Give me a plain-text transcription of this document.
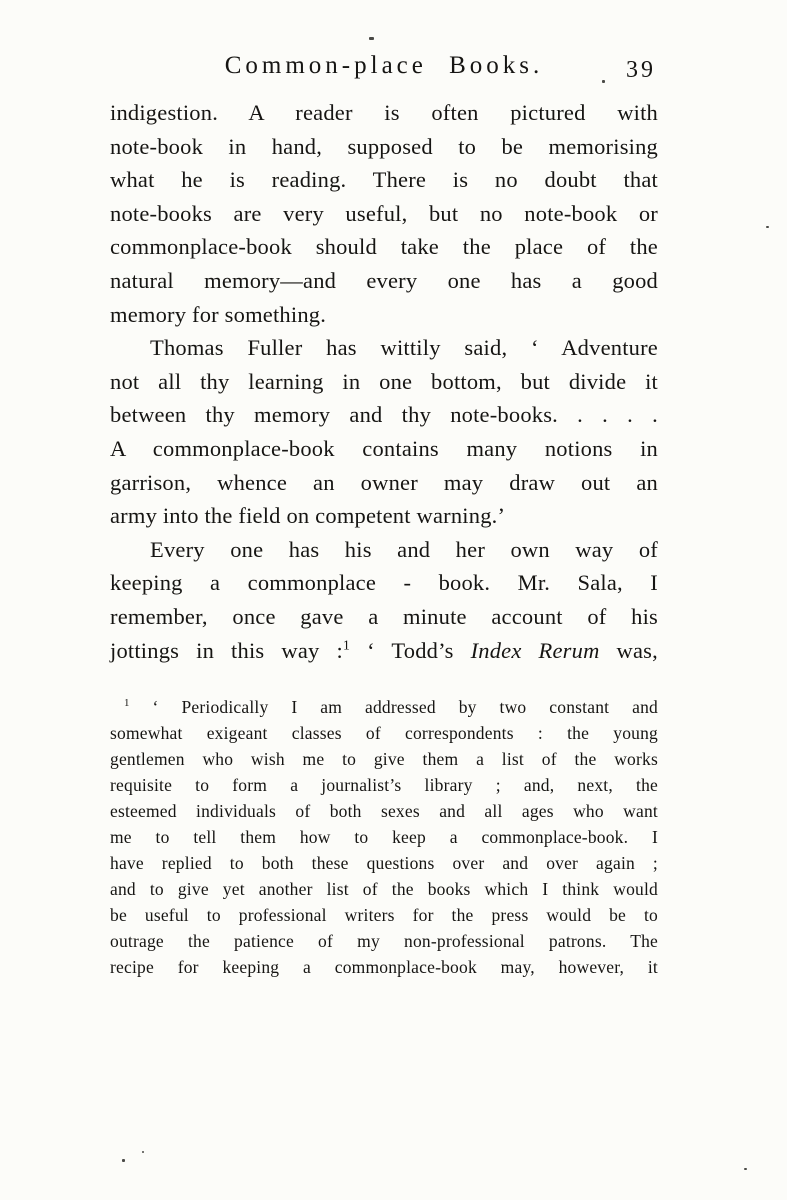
Common-place Books.	39
indigestion. A reader is often pictured with
note-book in hand, supposed to be memorising
what he is reading. There is no doubt that
note-books are very useful, but no note-book or
commonplace-book should take the place of the
natural memory—and every one has a good
memory for something.
Thomas Fuller has wittily said, ‘ Adventure
not all thy learning in one bottom, but divide it
between thy memory and thy note-books. . . . .
A commonplace-book contains many notions in
garrison, whence an owner may draw out an
army into the field on competent warning.’
Every one has his and her own way of
keeping a commonplace - book. Mr. Sala, I
remember, once gave a minute account of his
jottings in this way :$^1$ ‘ Todd’s Index Rerum was,
$^1$ ‘ Periodically I am addressed by two constant and
somewhat exigeant classes of correspondents : the young
gentlemen who wish me to give them a list of the works
requisite to form a journalist’s library ; and, next, the
esteemed individuals of both sexes and all ages who want
me to tell them how to keep a commonplace-book. I
have replied to both these questions over and over again ;
and to give yet another list of the books which I think would
be useful to professional writers for the press would be to
outrage the patience of my non-professional patrons. The
recipe for keeping a commonplace-book may, however, it
